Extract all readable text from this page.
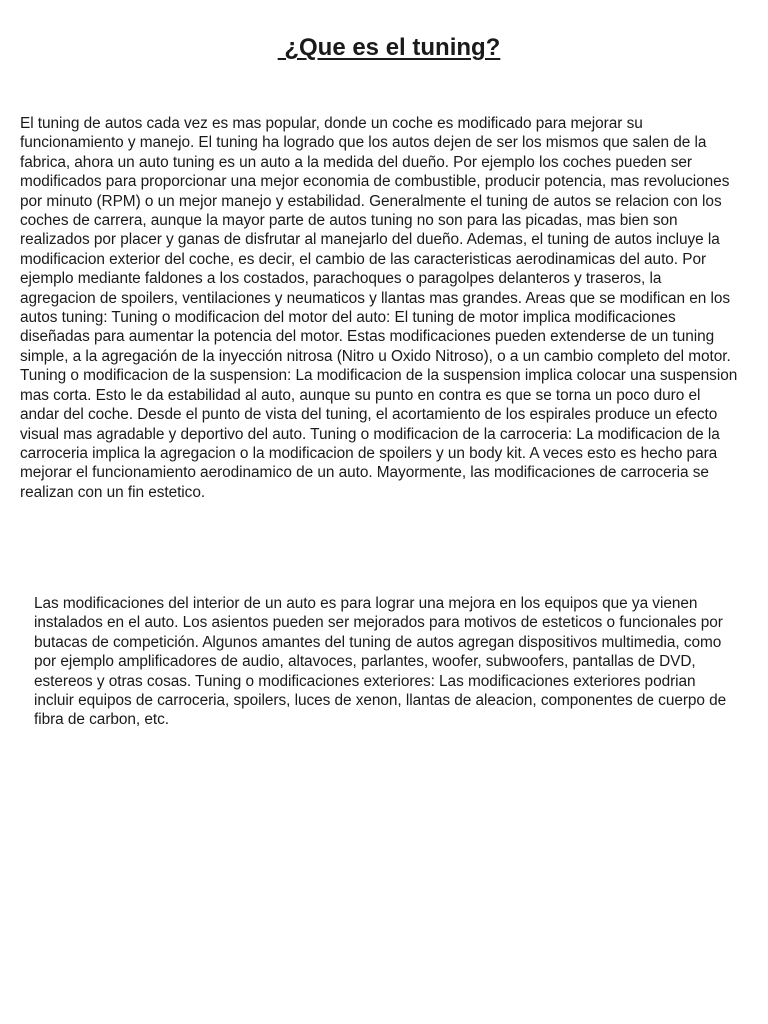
¿Que es el tuning?

El tuning de autos cada vez es mas popular, donde un coche es modificado para mejorar su funcionamiento y manejo. El tuning ha logrado que los autos dejen de ser los mismos que salen de la fabrica, ahora un auto tuning es un auto a la medida del dueño. Por ejemplo los coches pueden ser modificados para proporcionar una mejor economia de combustible, producir potencia, mas revoluciones por minuto (RPM) o un mejor manejo y estabilidad. Generalmente el tuning de autos se relacion con los coches de carrera, aunque la mayor parte de autos tuning no son para las picadas, mas bien son realizados por placer y ganas de disfrutar al manejarlo del dueño. Ademas, el tuning de autos incluye la modificacion exterior del coche, es decir, el cambio de las caracteristicas aerodinamicas del auto. Por ejemplo mediante faldones a los costados, parachoques o paragolpes delanteros y traseros, la agregacion de spoilers, ventilaciones y neumaticos y llantas mas grandes. Areas que se modifican en los autos tuning: Tuning o modificacion del motor del auto: El tuning de motor implica modificaciones diseñadas para aumentar la potencia del motor. Estas modificaciones pueden extenderse de un tuning simple, a la agregación de la inyección nitrosa (Nitro u Oxido Nitroso), o a un cambio completo del motor. Tuning o modificacion de la suspension: La modificacion de la suspension implica colocar una suspension mas corta. Esto le da estabilidad al auto, aunque su punto en contra es que se torna un poco duro el andar del coche. Desde el punto de vista del tuning, el acortamiento de los espirales produce un efecto visual mas agradable y deportivo del auto. Tuning o modificacion de la carroceria: La modificacion de la carroceria implica la agregacion o la modificacion de spoilers y un body kit. A veces esto es hecho para mejorar el funcionamiento aerodinamico de un auto. Mayormente, las modificaciones de carroceria se realizan con un fin estetico.

Las modificaciones del interior de un auto es para lograr una mejora en los equipos que ya vienen instalados en el auto. Los asientos pueden ser mejorados para motivos de esteticos o funcionales por butacas de competición. Algunos amantes del tuning de autos agregan dispositivos multimedia, como por ejemplo amplificadores de audio, altavoces, parlantes, woofer, subwoofers, pantallas de DVD, estereos y otras cosas. Tuning o modificaciones exteriores: Las modificaciones exteriores podrian incluir equipos de carroceria, spoilers, luces de xenon, llantas de aleacion, componentes de cuerpo de fibra de carbon, etc.
